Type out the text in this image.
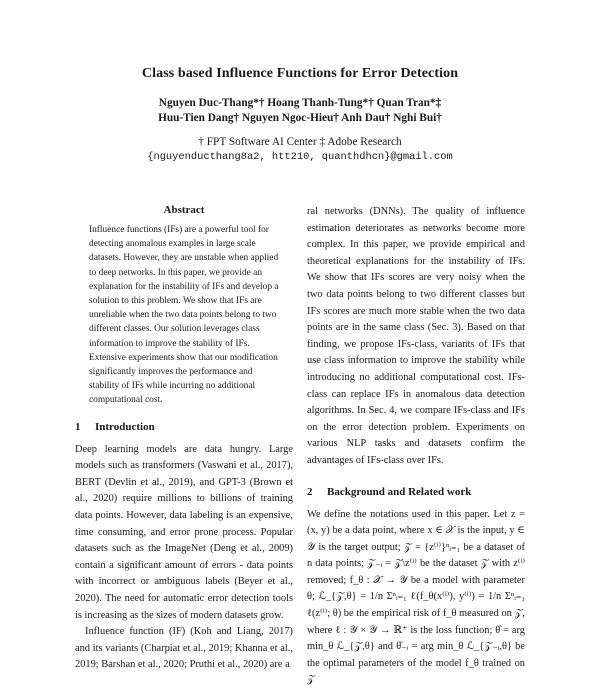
Class based Influence Functions for Error Detection
Nguyen Duc-Thang*† Hoang Thanh-Tung*† Quan Tran*‡
Huu-Tien Dang† Nguyen Ngoc-Hieu† Anh Dau† Nghi Bui†
† FPT Software AI Center ‡ Adobe Research
{nguyenducthang8a2, htt210, quanthdhcn}@gmail.com
Abstract

Influence functions (IFs) are a powerful tool for detecting anomalous examples in large scale datasets. However, they are unstable when applied to deep networks. In this paper, we provide an explanation for the instability of IFs and develop a solution to this problem. We show that IFs are unreliable when the two data points belong to two different classes. Our solution leverages class information to improve the stability of IFs. Extensive experiments show that our modification significantly improves the performance and stability of IFs while incurring no additional computational cost.

1 Introduction

Deep learning models are data hungry. Large models such as transformers (Vaswani et al., 2017), BERT (Devlin et al., 2019), and GPT-3 (Brown et al., 2020) require millions to billions of training data points. However, data labeling is an expensive, time consuming, and error prone process. Popular datasets such as the ImageNet (Deng et al., 2009) contain a significant amount of errors - data points with incorrect or ambiguous labels (Beyer et al., 2020). The need for automatic error detection tools is increasing as the sizes of modern datasets grow.

Influence function (IF) (Koh and Liang, 2017) and its variants (Charpiat et al., 2019; Khanna et al., 2019; Barshan et al., 2020; Pruthi et al., 2020) are a

ral networks (DNNs). The quality of influence estimation deteriorates as networks become more complex. In this paper, we provide empirical and theoretical explanations for the instability of IFs. We show that IFs scores are very noisy when the two data points belong to two different classes but IFs scores are much more stable when the two data points are in the same class (Sec. 3). Based on that finding, we propose IFs-class, variants of IFs that use class information to improve the stability while introducing no additional computational cost. IFs-class can replace IFs in anomalous data detection algorithms. In Sec. 4, we compare IFs-class and IFs on the error detection problem. Experiments on various NLP tasks and datasets confirm the advantages of IFs-class over IFs.

2 Background and Related work

We define the notations used in this paper. Let z = (x, y) be a data point, where x ∈ 𝒳 is the input, y ∈ 𝒴 is the target output; 𝒵 = {z⁽ⁱ⁾}ⁿᵢ₌₁ be a dataset of n data points; 𝒵₋ᵢ = 𝒵\z⁽ⁱ⁾ be the dataset 𝒵 with z⁽ⁱ⁾ removed; f_θ : 𝒳 → 𝒴 be a model with parameter θ; ℒ_{𝒵,θ} = 1/n Σⁿᵢ₌₁ ℓ(f_θ(x⁽ⁱ⁾), y⁽ⁱ⁾) = 1/n Σⁿᵢ₌₁ ℓ(z⁽ⁱ⁾; θ) be the empirical risk of f_θ measured on 𝒵, where ℓ : 𝒴 × 𝒴 → ℝ⁺ is the loss function; θ̂ = arg min_θ ℒ_{𝒵,θ} and θ̂₋ᵢ = arg min_θ ℒ_{𝒵₋ᵢ,θ} be the optimal parameters of the model f_θ trained on 𝒵
